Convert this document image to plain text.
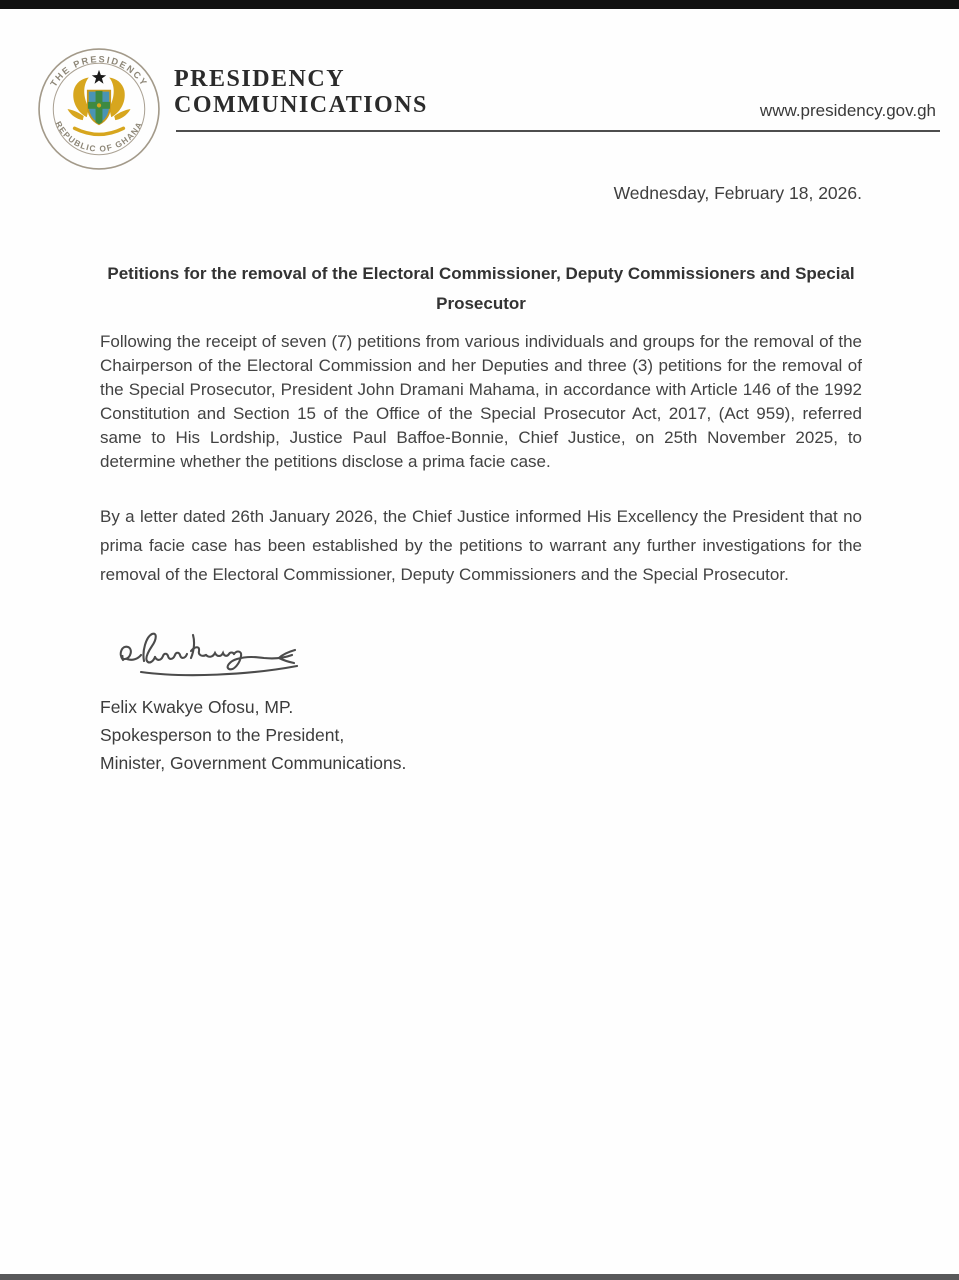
THE PRESIDENCY
REPUBLIC OF GHANA
PRESIDENCY
COMMUNICATIONS	www.presidency.gov.gh
Wednesday, February 18, 2026.
Petitions for the removal of the Electoral Commissioner, Deputy Commissioners and Special Prosecutor

Following the receipt of seven (7) petitions from various individuals and groups for the removal of the Chairperson of the Electoral Commission and her Deputies and three (3) petitions for the removal of the Special Prosecutor, President John Dramani Mahama, in accordance with Article 146 of the 1992 Constitution and Section 15 of the Office of the Special Prosecutor Act, 2017, (Act 959), referred same to His Lordship, Justice Paul Baffoe-Bonnie, Chief Justice, on 25th November 2025, to determine whether the petitions disclose a prima facie case.

By a letter dated 26th January 2026, the Chief Justice informed His Excellency the President that no prima facie case has been established by the petitions to warrant any further investigations for the removal of the Electoral Commissioner, Deputy Commissioners and the Special Prosecutor.

Felix Kwakye Ofosu, MP.
Spokesperson to the President,
Minister, Government Communications.
